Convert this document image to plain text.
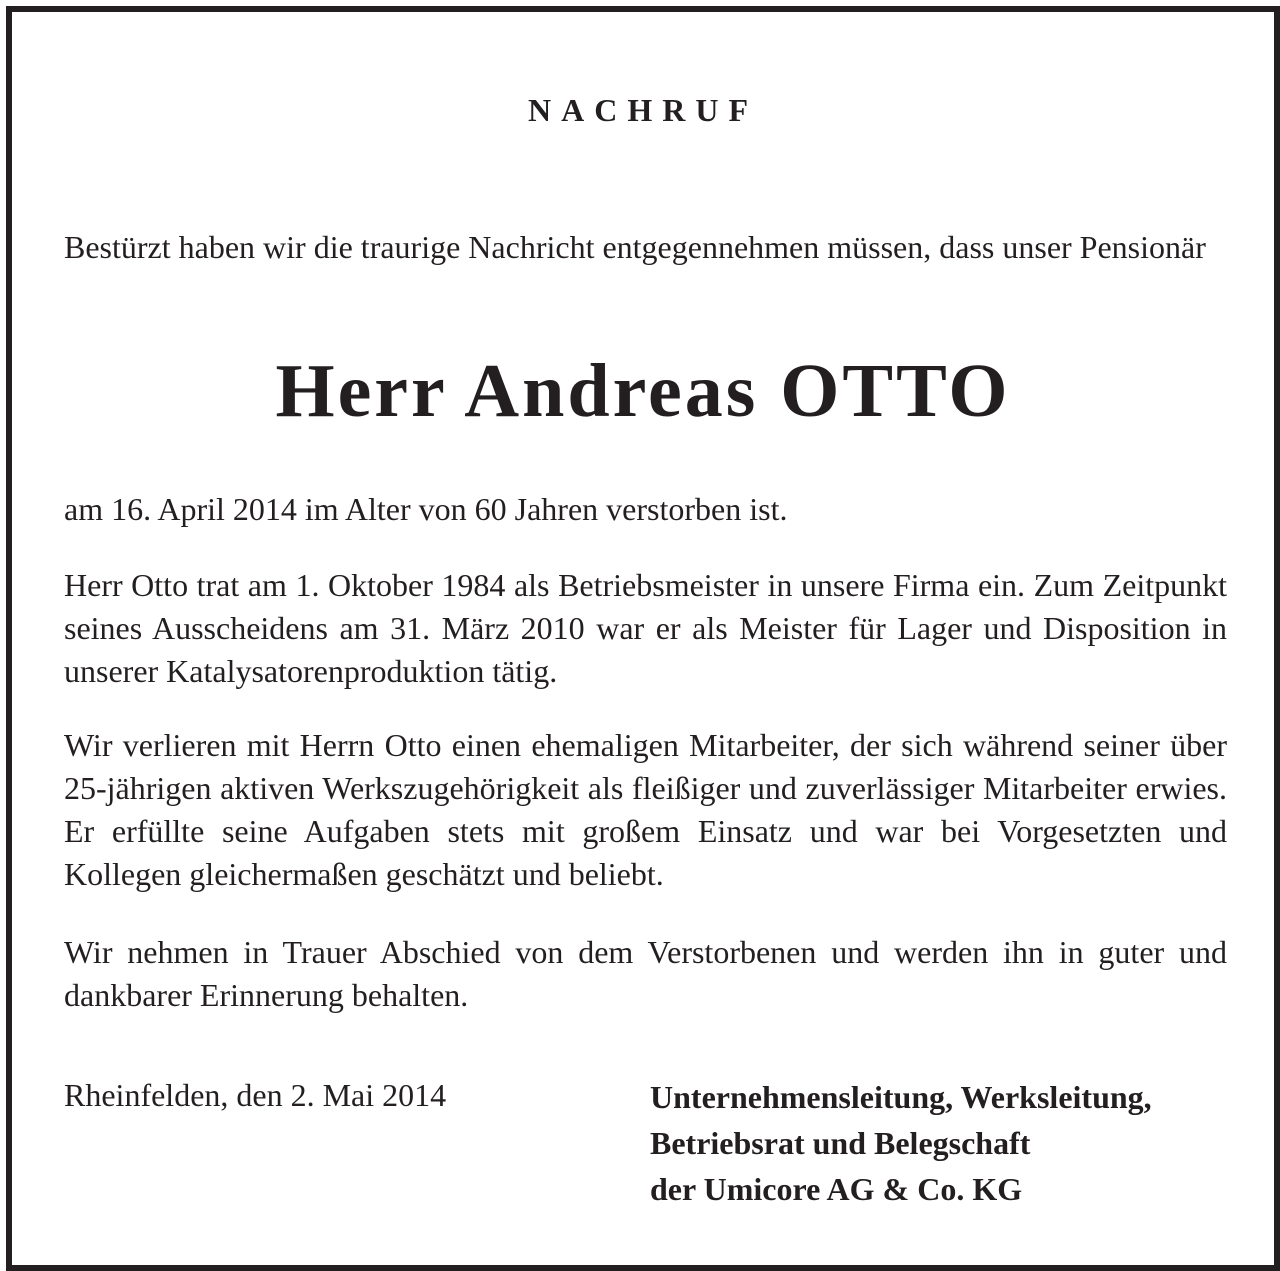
NACHRUF

Bestürzt haben wir die traurige Nachricht entgegennehmen müssen, dass unser Pensionär

Herr Andreas OTTO

am 16. April 2014 im Alter von 60 Jahren verstorben ist.

Herr Otto trat am 1. Oktober 1984 als Betriebsmeister in unsere Firma ein. Zum Zeitpunkt seines Ausscheidens am 31. März 2010 war er als Meister für Lager und Disposition in unserer Katalysatorenproduktion tätig.

Wir verlieren mit Herrn Otto einen ehemaligen Mitarbeiter, der sich während seiner über 25-jährigen aktiven Werkszugehörigkeit als fleißiger und zuverlässiger Mitarbeiter erwies. Er erfüllte seine Aufgaben stets mit großem Einsatz und war bei Vorgesetzten und Kollegen gleichermaßen geschätzt und beliebt.

Wir nehmen in Trauer Abschied von dem Verstorbenen und werden ihn in guter und dankbarer Erinnerung behalten.

Rheinfelden, den 2. Mai 2014	Unternehmensleitung, Werksleitung,
Betriebsrat und Belegschaft
der Umicore AG & Co. KG
